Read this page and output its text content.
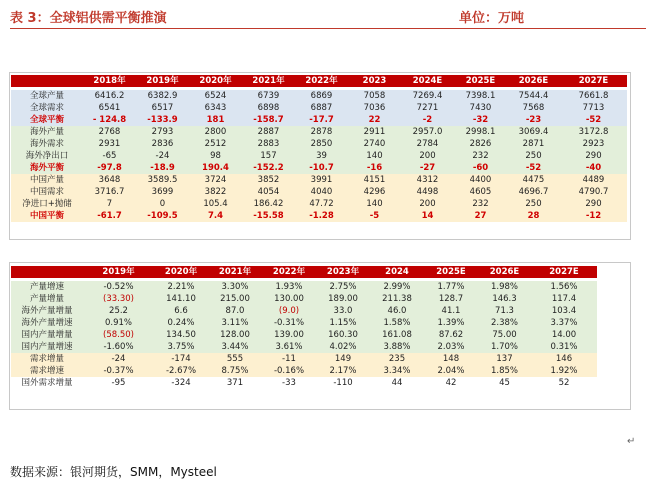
表 3：全球铝供需平衡推演	单位：万吨
	2018年	2019年	2020年	2021年	2022年	2023	2024E	2025E	2026E	2027E

全球产量	6416.2	6382.9	6524	6739	6869	7058	7269.4	7398.1	7544.4	7661.8
全球需求	6541	6517	6343	6898	6887	7036	7271	7430	7568	7713
全球平衡	- 124.8	-133.9	181	-158.7	-17.7	22	-2	-32	-23	-52
海外产量	2768	2793	2800	2887	2878	2911	2957.0	2998.1	3069.4	3172.8
海外需求	2931	2836	2512	2883	2850	2740	2784	2826	2871	2923
海外净出口	-65	-24	98	157	39	140	200	232	250	290
海外平衡	-97.8	-18.9	190.4	-152.2	-10.7	-16	-27	-60	-52	-40
中国产量	3648	3589.5	3724	3852	3991	4151	4312	4400	4475	4489
中国需求	3716.7	3699	3822	4054	4040	4296	4498	4605	4696.7	4790.7
净进口+抛储	7	0	105.4	186.42	47.72	140	200	232	250	290
中国平衡	-61.7	-109.5	7.4	-15.58	-1.28	-5	14	27	28	-12
	2019年	2020年	2021年	2022年	2023年	2024	2025E	2026E	2027E

产量增速	-0.52%	2.21%	3.30%	1.93%	2.75%	2.99%	1.77%	1.98%	1.56%
产量增量	(33.30)	141.10	215.00	130.00	189.00	211.38	128.7	146.3	117.4
海外产量增量	25.2	6.6	87.0	(9.0)	33.0	46.0	41.1	71.3	103.4
海外产量增速	0.91%	0.24%	3.11%	-0.31%	1.15%	1.58%	1.39%	2.38%	3.37%
国内产量增量	(58.50)	134.50	128.00	139.00	160.30	161.08	87.62	75.00	14.00
国内产量增速	-1.60%	3.75%	3.44%	3.61%	4.02%	3.88%	2.03%	1.70%	0.31%
需求增量	-24	-174	555	-11	149	235	148	137	146
需求增速	-0.37%	-2.67%	8.75%	-0.16%	2.17%	3.34%	2.04%	1.85%	1.92%
国外需求增量	-95	-324	371	-33	-110	44	42	45	52
数据来源：银河期货，SMM，Mysteel
↵
